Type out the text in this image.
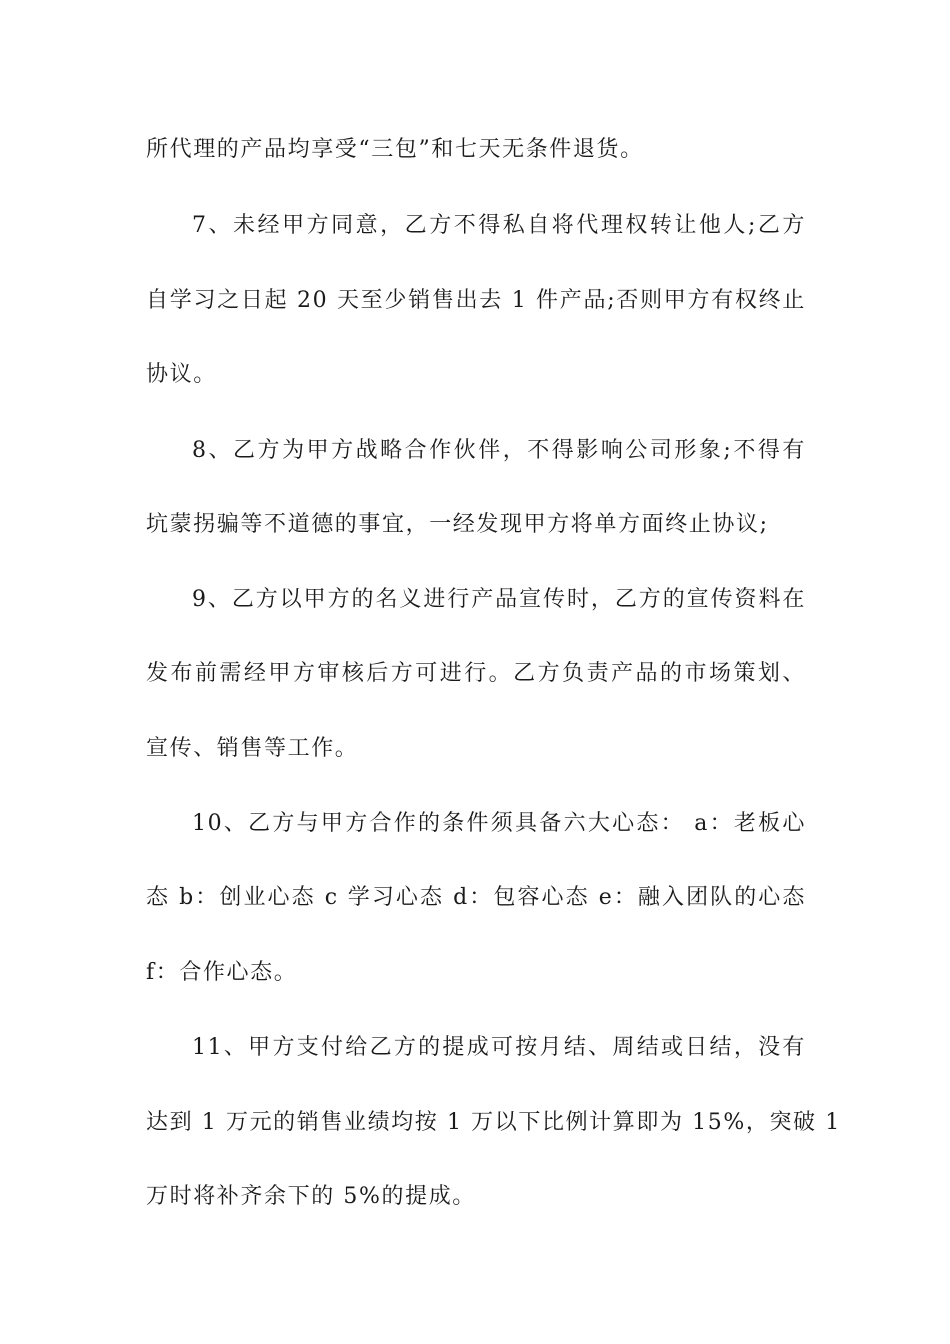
所代理的产品均享受“三包”和七天无条件退货。
7、未经甲方同意，乙方不得私自将代理权转让他人;乙方
自学习之日起 20 天至少销售出去 1 件产品;否则甲方有权终止
协议。
8、乙方为甲方战略合作伙伴，不得影响公司形象;不得有
坑蒙拐骗等不道德的事宜，一经发现甲方将单方面终止协议;
9、乙方以甲方的名义进行产品宣传时，乙方的宣传资料在
发布前需经甲方审核后方可进行。乙方负责产品的市场策划、
宣传、销售等工作。
10、乙方与甲方合作的条件须具备六大心态： a：老板心
态 b：创业心态 c 学习心态 d：包容心态 e：融入团队的心态
f：合作心态。
11、甲方支付给乙方的提成可按月结、周结或日结，没有
达到 1 万元的销售业绩均按 1 万以下比例计算即为 15%，突破 1
万时将补齐余下的 5%的提成。
